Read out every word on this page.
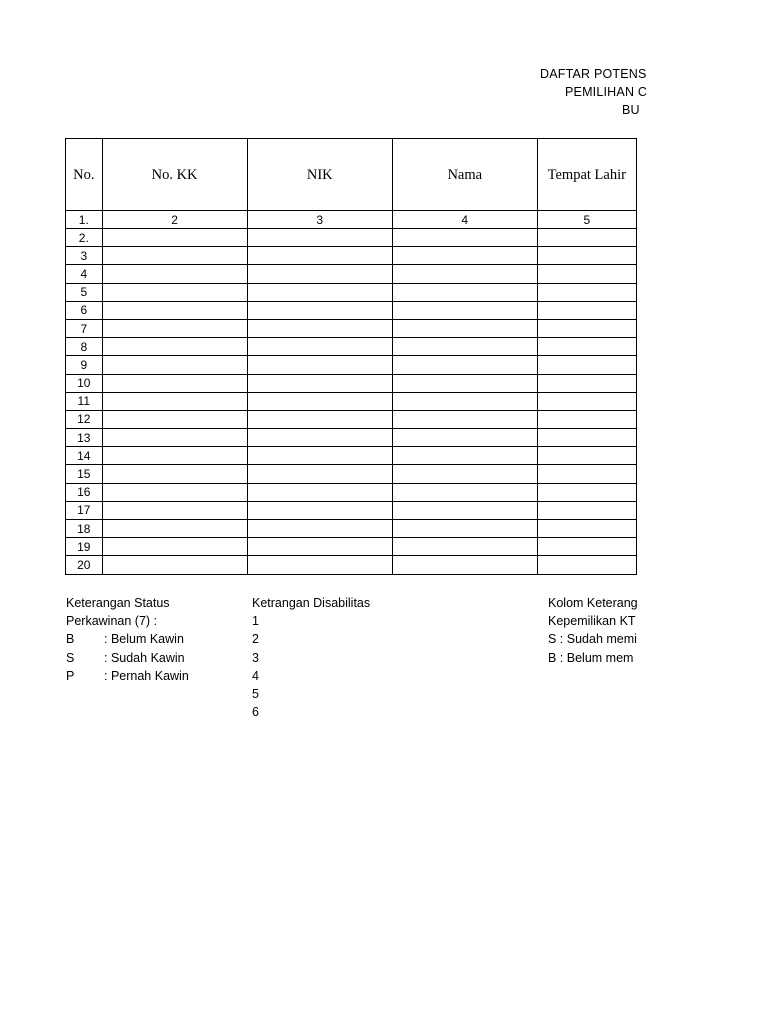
DAFTAR POTENS
PEMILIHAN C
BU
No.	No. KK	NIK	Nama	Tempat Lahir
1.	2	3	4	5
2.				
3				
4				
5				
6				
7				
8				
9				
10				
11				
12				
13				
14				
15				
16				
17				
18				
19				
20				
Keterangan Status
Perkawinan (7) :
B : Belum Kawin
S : Sudah Kawin
P : Pernah Kawin
Ketrangan Disabilitas
1
2
3
4
5
6
Kolom Keterang
Kepemilikan KT
S : Sudah memi
B : Belum mem
